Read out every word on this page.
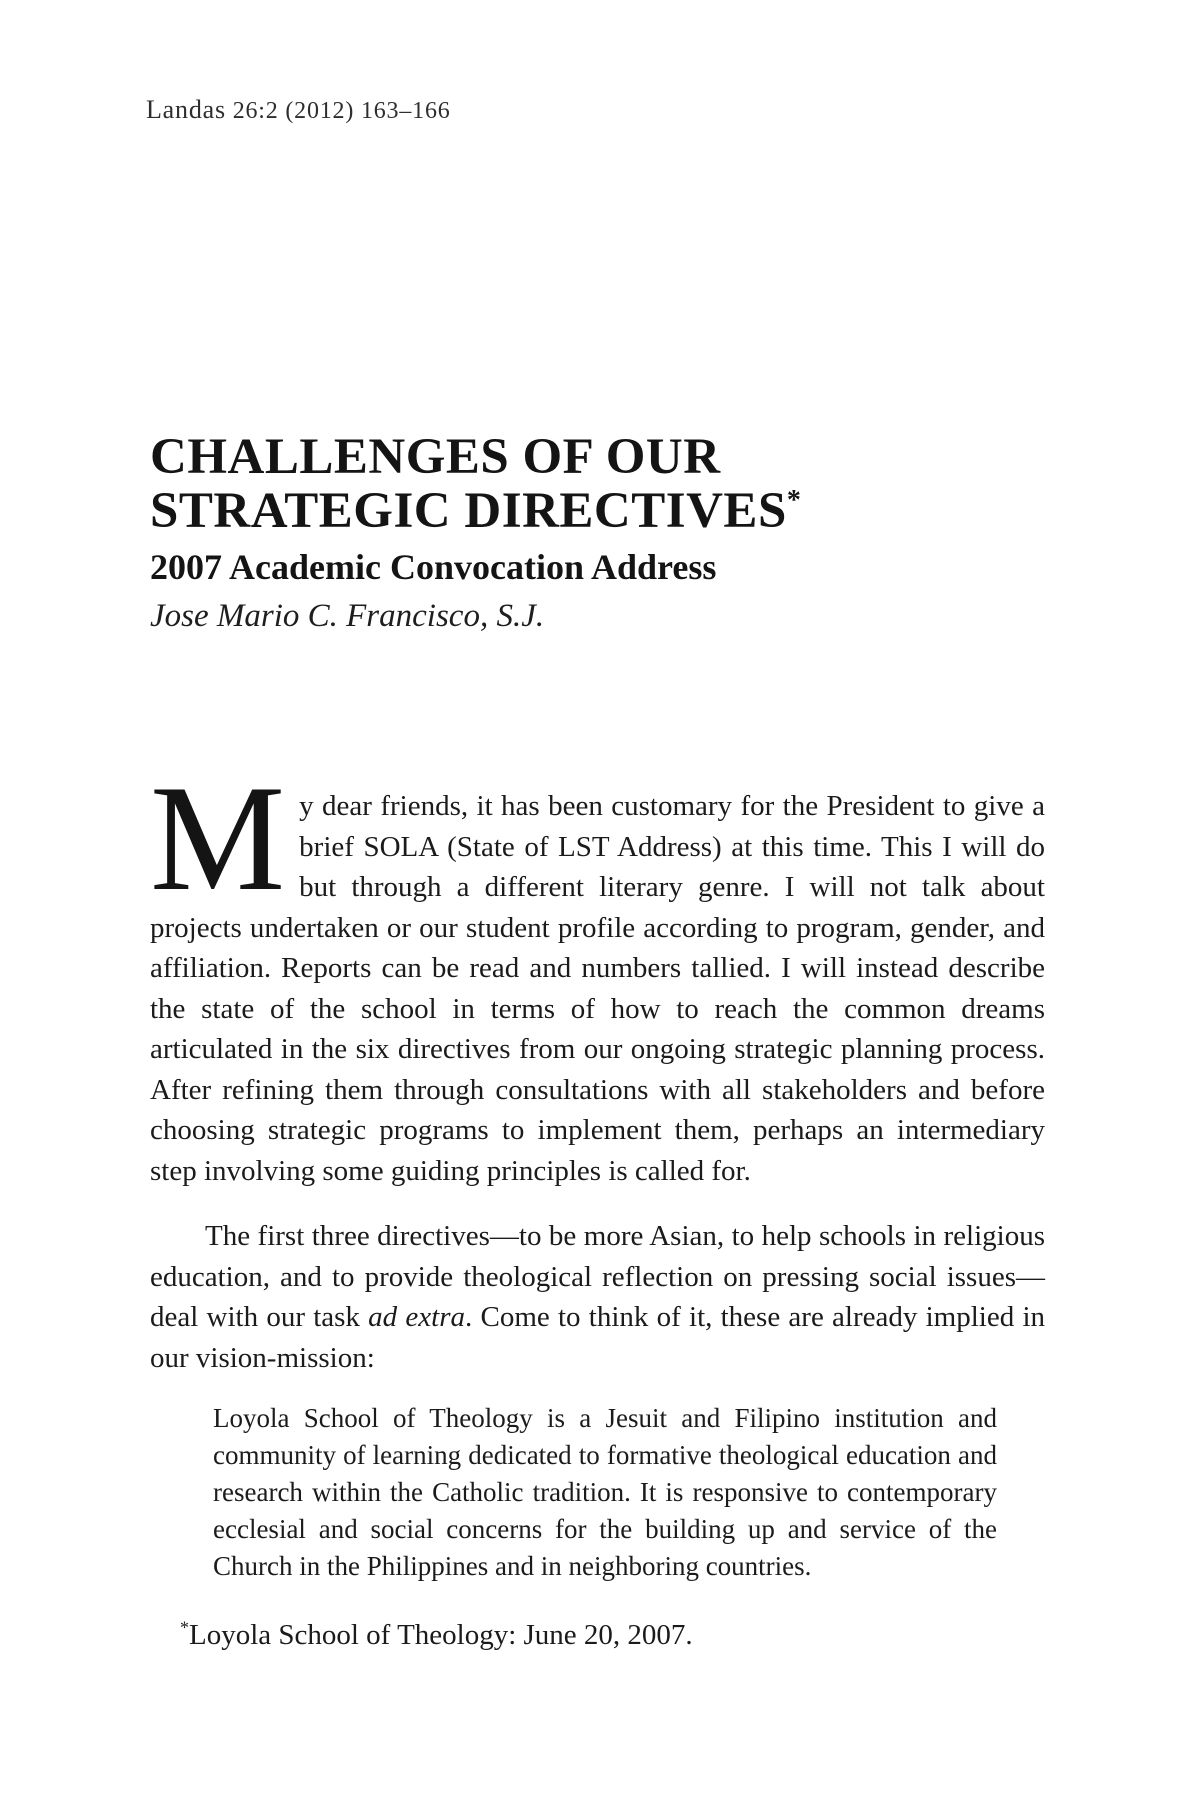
Landas 26:2 (2012) 163–166
CHALLENGES OF OUR
STRATEGIC DIRECTIVES*
2007 Academic Convocation Address
Jose Mario C. Francisco, S.J.

My dear friends, it has been customary for the President to give a brief SOLA (State of LST Address) at this time. This I will do but through a different literary genre. I will not talk about projects undertaken or our student profile according to program, gender, and affiliation. Reports can be read and numbers tallied. I will instead describe the state of the school in terms of how to reach the common dreams articulated in the six directives from our ongoing strategic planning process. After refining them through consultations with all stakeholders and before choosing strategic programs to implement them, perhaps an intermediary step involving some guiding principles is called for.

The first three directives—to be more Asian, to help schools in religious education, and to provide theological reflection on pressing social issues—deal with our task ad extra. Come to think of it, these are already implied in our vision-mission:

Loyola School of Theology is a Jesuit and Filipino institution and community of learning dedicated to formative theological education and research within the Catholic tradition. It is responsive to contemporary ecclesial and social concerns for the building up and service of the Church in the Philippines and in neighboring countries.
*Loyola School of Theology: June 20, 2007.
